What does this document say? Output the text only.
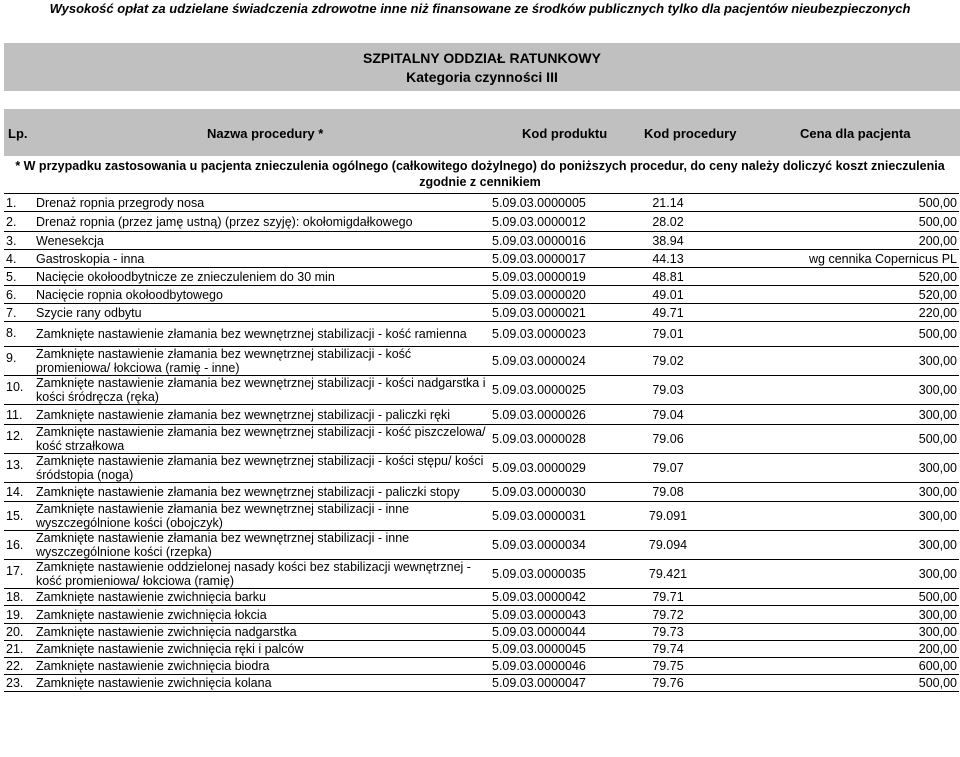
Wysokość opłat za udzielane świadczenia zdrowotne inne niż finansowane ze środków publicznych tylko dla pacjentów nieubezpieczonych
SZPITALNY ODDZIAŁ RATUNKOWY
Kategoria czynności III
Lp.	Nazwa procedury *	Kod produktu	Kod procedury	Cena dla pacjenta
* W przypadku zastosowania u pacjenta znieczulenia ogólnego (całkowitego dożylnego) do poniższych procedur, do ceny należy doliczyć koszt znieczulenia zgodnie z cennikiem
1.	Drenaż ropnia przegrody nosa	5.09.03.0000005	21.14	500,00
2.	Drenaż ropnia (przez jamę ustną) (przez szyję): okołomigdałkowego	5.09.03.0000012	28.02	500,00
3.	Wenesekcja	5.09.03.0000016	38.94	200,00
4.	Gastroskopia - inna	5.09.03.0000017	44.13	wg cennika Copernicus PL
5.	Nacięcie okołoodbytnicze ze znieczuleniem do 30 min	5.09.03.0000019	48.81	520,00
6.	Nacięcie ropnia okołoodbytowego	5.09.03.0000020	49.01	520,00
7.	Szycie rany odbytu	5.09.03.0000021	49.71	220,00
8.	Zamknięte nastawienie złamania bez wewnętrznej stabilizacji - kość ramienna	5.09.03.0000023	79.01	500,00
9.	Zamknięte nastawienie złamania bez wewnętrznej stabilizacji - kość promieniowa/ łokciowa (ramię - inne)	5.09.03.0000024	79.02	300,00
10.	Zamknięte nastawienie złamania bez wewnętrznej stabilizacji - kości nadgarstka i kości śródręcza (ręka)	5.09.03.0000025	79.03	300,00
11.	Zamknięte nastawienie złamania bez wewnętrznej stabilizacji - paliczki ręki	5.09.03.0000026	79.04	300,00
12.	Zamknięte nastawienie złamania bez wewnętrznej stabilizacji - kość piszczelowa/ kość strzałkowa	5.09.03.0000028	79.06	500,00
13.	Zamknięte nastawienie złamania bez wewnętrznej stabilizacji - kości stępu/ kości śródstopia (noga)	5.09.03.0000029	79.07	300,00
14.	Zamknięte nastawienie złamania bez wewnętrznej stabilizacji - paliczki stopy	5.09.03.0000030	79.08	300,00
15.	Zamknięte nastawienie złamania bez wewnętrznej stabilizacji - inne wyszczególnione kości (obojczyk)	5.09.03.0000031	79.091	300,00
16.	Zamknięte nastawienie złamania bez wewnętrznej stabilizacji - inne wyszczególnione kości (rzepka)	5.09.03.0000034	79.094	300,00
17.	Zamknięte nastawienie oddzielonej nasady kości bez stabilizacji wewnętrznej - kość promieniowa/ łokciowa (ramię)	5.09.03.0000035	79.421	300,00
18.	Zamknięte nastawienie zwichnięcia barku	5.09.03.0000042	79.71	500,00
19.	Zamknięte nastawienie zwichnięcia łokcia	5.09.03.0000043	79.72	300,00
20.	Zamknięte nastawienie zwichnięcia nadgarstka	5.09.03.0000044	79.73	300,00
21.	Zamknięte nastawienie zwichnięcia ręki i palców	5.09.03.0000045	79.74	200,00
22.	Zamknięte nastawienie zwichnięcia biodra	5.09.03.0000046	79.75	600,00
23.	Zamknięte nastawienie zwichnięcia kolana	5.09.03.0000047	79.76	500,00
